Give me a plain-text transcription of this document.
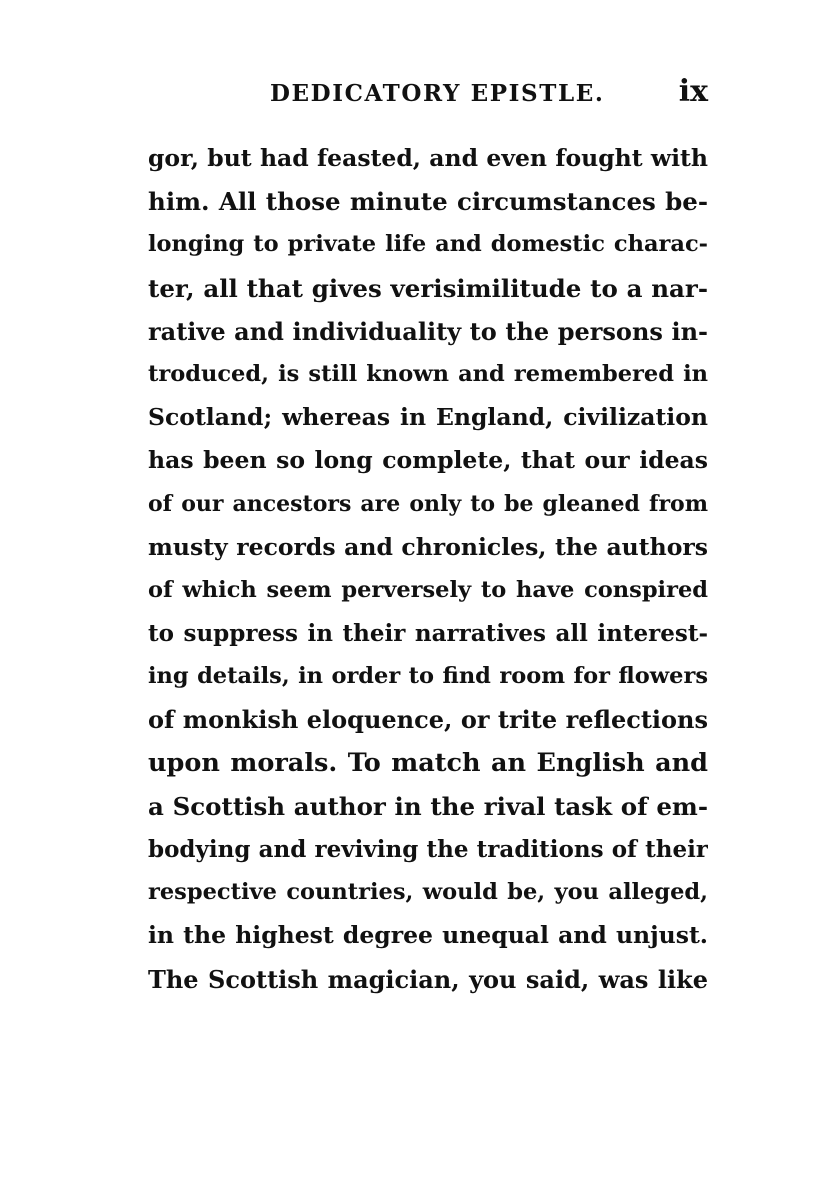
DEDICATORY EPISTLE. ix
gor, but had feasted, and even fought with
him. All those minute circumstances be-
longing to private life and domestic charac-
ter, all that gives verisimilitude to a nar-
rative and individuality to the persons in-
troduced, is still known and remembered in
Scotland; whereas in England, civilization
has been so long complete, that our ideas
of our ancestors are only to be gleaned from
musty records and chronicles, the authors
of which seem perversely to have conspired
to suppress in their narratives all interest-
ing details, in order to find room for flowers
of monkish eloquence, or trite reflections
upon morals. To match an English and
a Scottish author in the rival task of em-
bodying and reviving the traditions of their
respective countries, would be, you alleged,
in the highest degree unequal and unjust.
The Scottish magician, you said, was like
